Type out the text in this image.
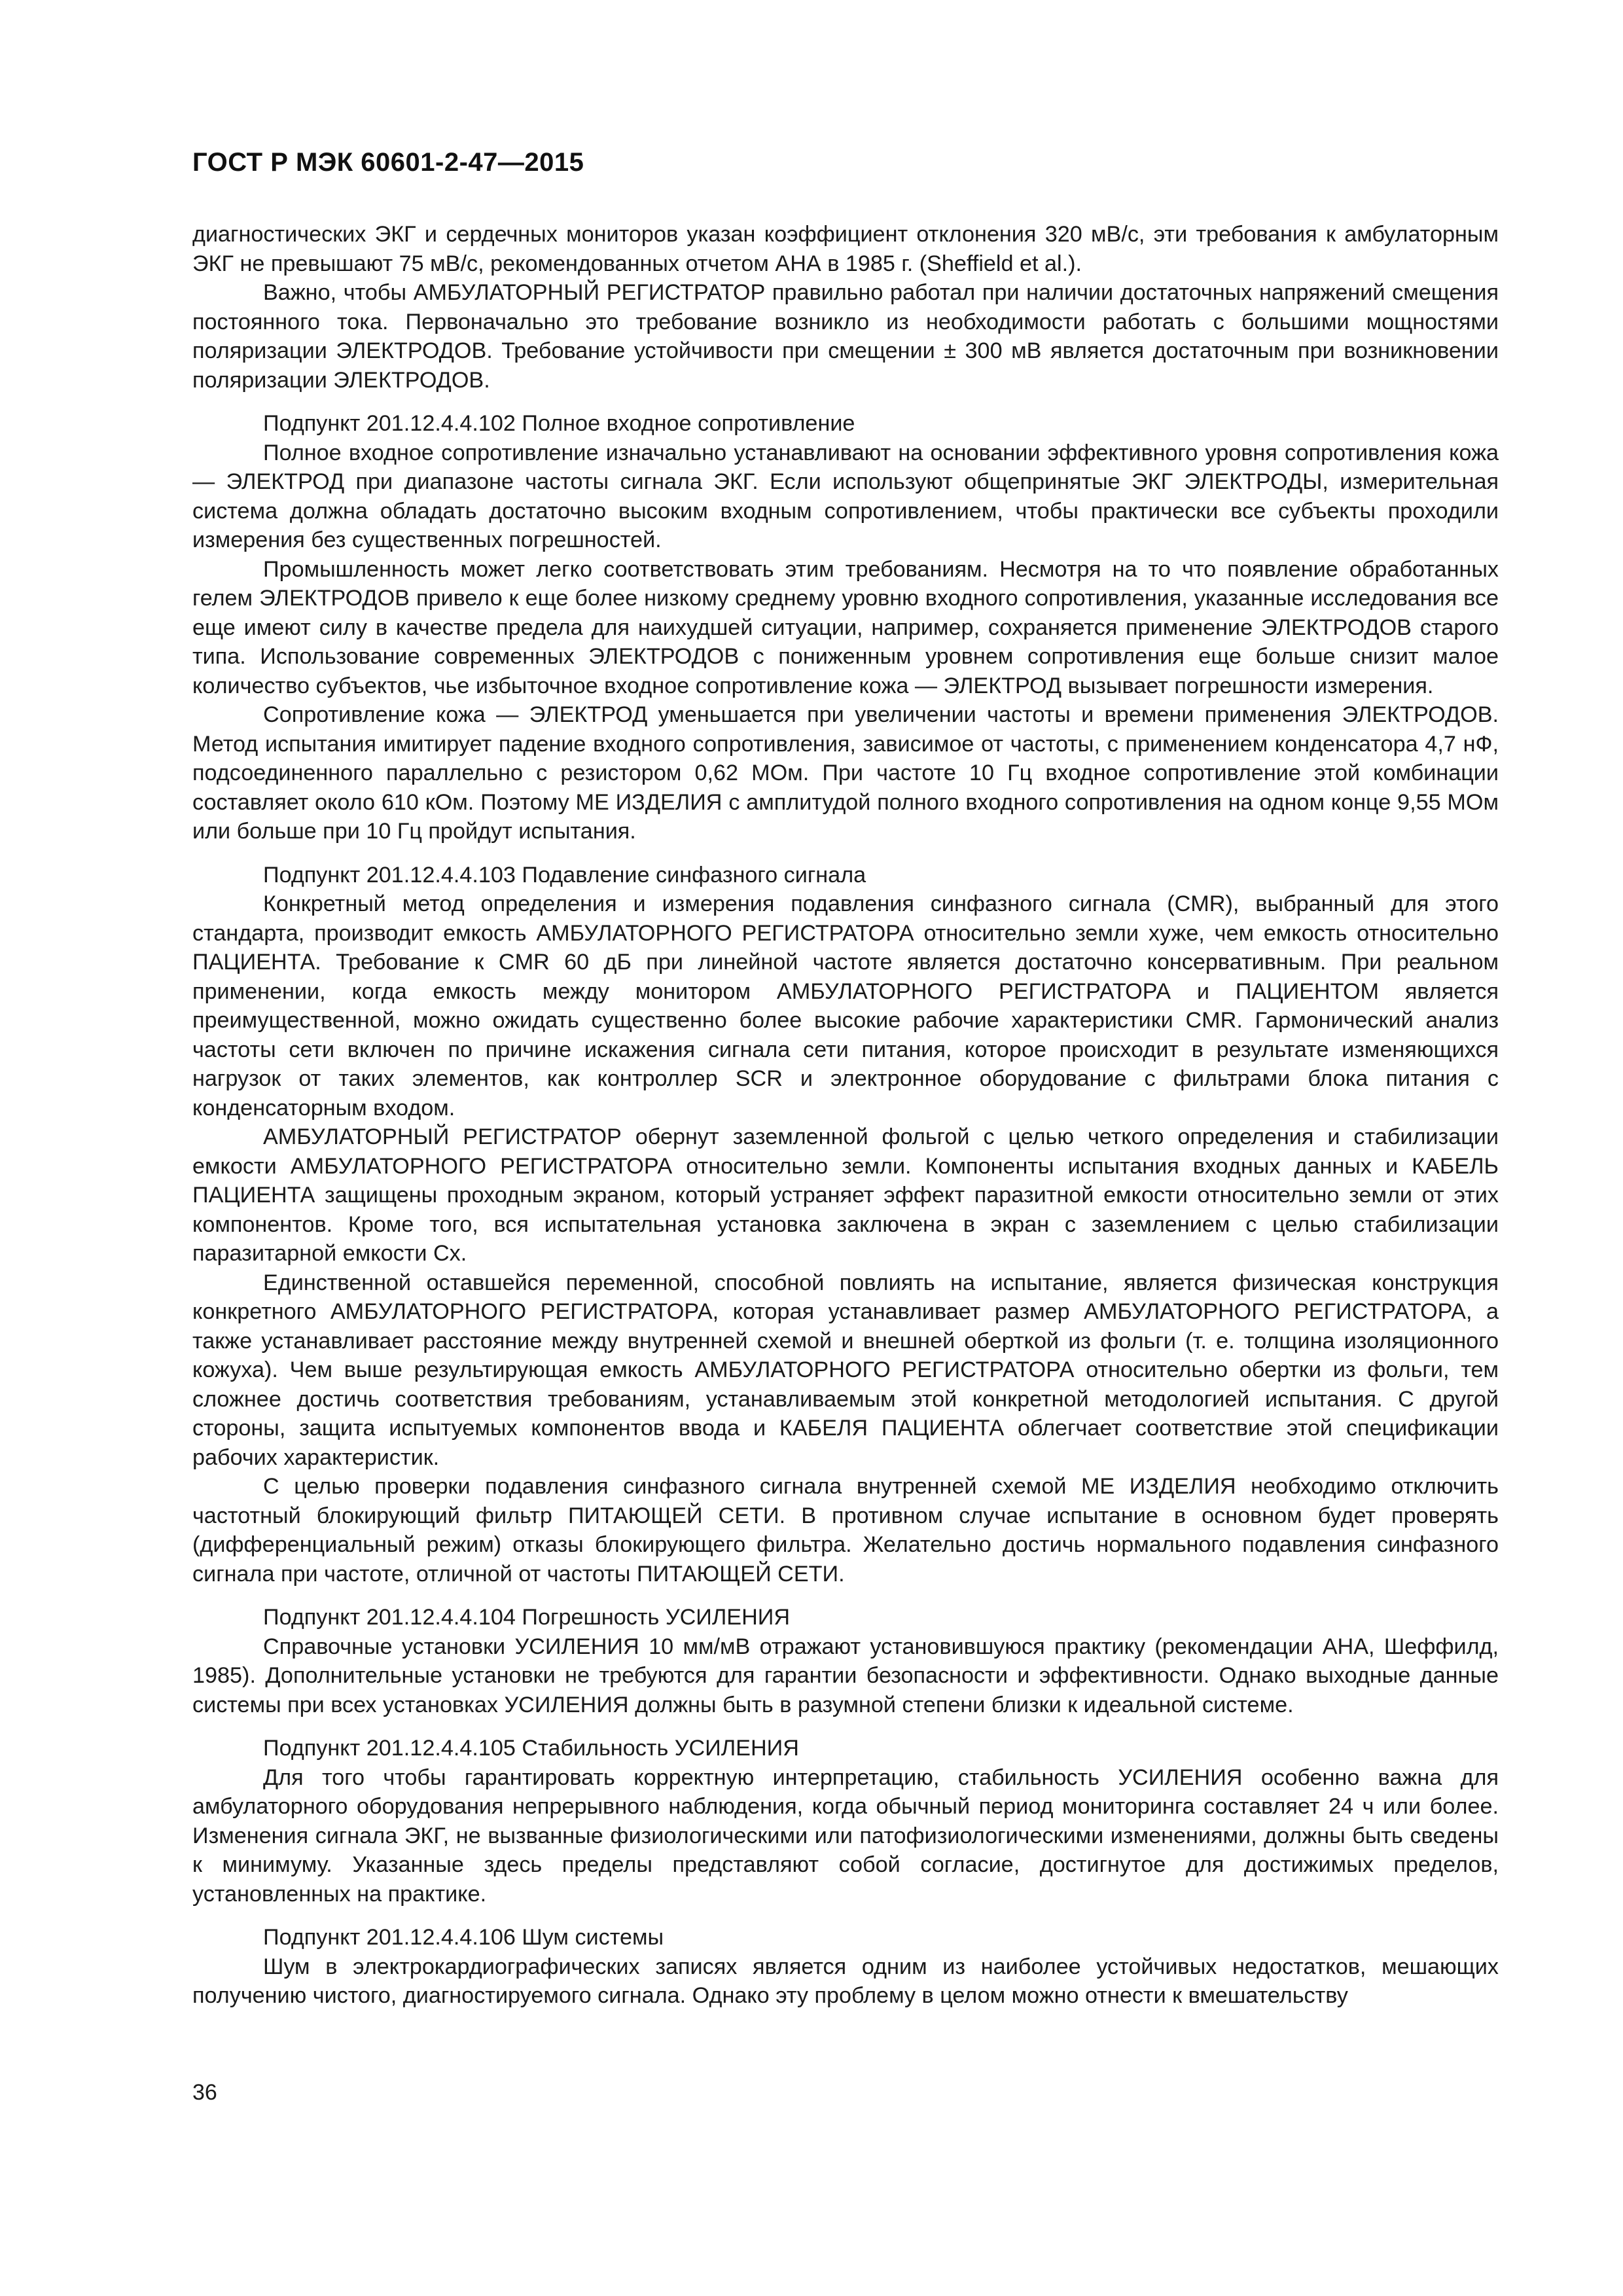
ГОСТ Р МЭК 60601-2-47—2015

диагностических ЭКГ и сердечных мониторов указан коэффициент отклонения 320 мВ/с, эти требования к амбулаторным ЭКГ не превышают 75 мВ/с, рекомендованных отчетом АНА в 1985 г. (Sheffield et al.).

Важно, чтобы АМБУЛАТОРНЫЙ РЕГИСТРАТОР правильно работал при наличии достаточных напряжений смещения постоянного тока. Первоначально это требование возникло из необходимости работать с большими мощностями поляризации ЭЛЕКТРОДОВ. Требование устойчивости при смещении ± 300 мВ является достаточным при возникновении поляризации ЭЛЕКТРОДОВ.

Подпункт 201.12.4.4.102 Полное входное сопротивление

Полное входное сопротивление изначально устанавливают на основании эффективного уровня сопротивления кожа — ЭЛЕКТРОД при диапазоне частоты сигнала ЭКГ. Если используют общепринятые ЭКГ ЭЛЕКТРОДЫ, измерительная система должна обладать достаточно высоким входным сопротивлением, чтобы практически все субъекты проходили измерения без существенных погрешностей.

Промышленность может легко соответствовать этим требованиям. Несмотря на то что появление обработанных гелем ЭЛЕКТРОДОВ привело к еще более низкому среднему уровню входного сопротивления, указанные исследования все еще имеют силу в качестве предела для наихудшей ситуации, например, сохраняется применение ЭЛЕКТРОДОВ старого типа. Использование современных ЭЛЕКТРОДОВ с пониженным уровнем сопротивления еще больше снизит малое количество субъектов, чье избыточное входное сопротивление кожа — ЭЛЕКТРОД вызывает погрешности измерения.

Сопротивление кожа — ЭЛЕКТРОД уменьшается при увеличении частоты и времени применения ЭЛЕКТРОДОВ. Метод испытания имитирует падение входного сопротивления, зависимое от частоты, с применением конденсатора 4,7 нФ, подсоединенного параллельно с резистором 0,62 МОм. При частоте 10 Гц входное сопротивление этой комбинации составляет около 610 кОм. Поэтому МЕ ИЗДЕЛИЯ с амплитудой полного входного сопротивления на одном конце 9,55 МОм или больше при 10 Гц пройдут испытания.

Подпункт 201.12.4.4.103 Подавление синфазного сигнала

Конкретный метод определения и измерения подавления синфазного сигнала (CMR), выбранный для этого стандарта, производит емкость АМБУЛАТОРНОГО РЕГИСТРАТОРА относительно земли хуже, чем емкость относительно ПАЦИЕНТА. Требование к CMR 60 дБ при линейной частоте является достаточно консервативным. При реальном применении, когда емкость между монитором АМБУЛАТОРНОГО РЕГИСТРАТОРА и ПАЦИЕНТОМ является преимущественной, можно ожидать существенно более высокие рабочие характеристики CMR. Гармонический анализ частоты сети включен по причине искажения сигнала сети питания, которое происходит в результате изменяющихся нагрузок от таких элементов, как контроллер SCR и электронное оборудование с фильтрами блока питания с конденсаторным входом.

АМБУЛАТОРНЫЙ РЕГИСТРАТОР обернут заземленной фольгой с целью четкого определения и стабилизации емкости АМБУЛАТОРНОГО РЕГИСТРАТОРА относительно земли. Компоненты испытания входных данных и КАБЕЛЬ ПАЦИЕНТА защищены проходным экраном, который устраняет эффект паразитной емкости относительно земли от этих компонентов. Кроме того, вся испытательная установка заключена в экран с заземлением с целью стабилизации паразитарной емкости Cx.

Единственной оставшейся переменной, способной повлиять на испытание, является физическая конструкция конкретного АМБУЛАТОРНОГО РЕГИСТРАТОРА, которая устанавливает размер АМБУЛАТОРНОГО РЕГИСТРАТОРА, а также устанавливает расстояние между внутренней схемой и внешней оберткой из фольги (т. е. толщина изоляционного кожуха). Чем выше результирующая емкость АМБУЛАТОРНОГО РЕГИСТРАТОРА относительно обертки из фольги, тем сложнее достичь соответствия требованиям, устанавливаемым этой конкретной методологией испытания. С другой стороны, защита испытуемых компонентов ввода и КАБЕЛЯ ПАЦИЕНТА облегчает соответствие этой спецификации рабочих характеристик.

С целью проверки подавления синфазного сигнала внутренней схемой МЕ ИЗДЕЛИЯ необходимо отключить частотный блокирующий фильтр ПИТАЮЩЕЙ СЕТИ. В противном случае испытание в основном будет проверять (дифференциальный режим) отказы блокирующего фильтра. Желательно достичь нормального подавления синфазного сигнала при частоте, отличной от частоты ПИТАЮЩЕЙ СЕТИ.

Подпункт 201.12.4.4.104 Погрешность УСИЛЕНИЯ

Справочные установки УСИЛЕНИЯ 10 мм/мВ отражают установившуюся практику (рекомендации АНА, Шеффилд, 1985). Дополнительные установки не требуются для гарантии безопасности и эффективности. Однако выходные данные системы при всех установках УСИЛЕНИЯ должны быть в разумной степени близки к идеальной системе.

Подпункт 201.12.4.4.105 Стабильность УСИЛЕНИЯ

Для того чтобы гарантировать корректную интерпретацию, стабильность УСИЛЕНИЯ особенно важна для амбулаторного оборудования непрерывного наблюдения, когда обычный период мониторинга составляет 24 ч или более. Изменения сигнала ЭКГ, не вызванные физиологическими или патофизиологическими изменениями, должны быть сведены к минимуму. Указанные здесь пределы представляют собой согласие, достигнутое для достижимых пределов, установленных на практике.

Подпункт 201.12.4.4.106 Шум системы

Шум в электрокардиографических записях является одним из наиболее устойчивых недостатков, мешающих получению чистого, диагностируемого сигнала. Однако эту проблему в целом можно отнести к вмешательству

36
